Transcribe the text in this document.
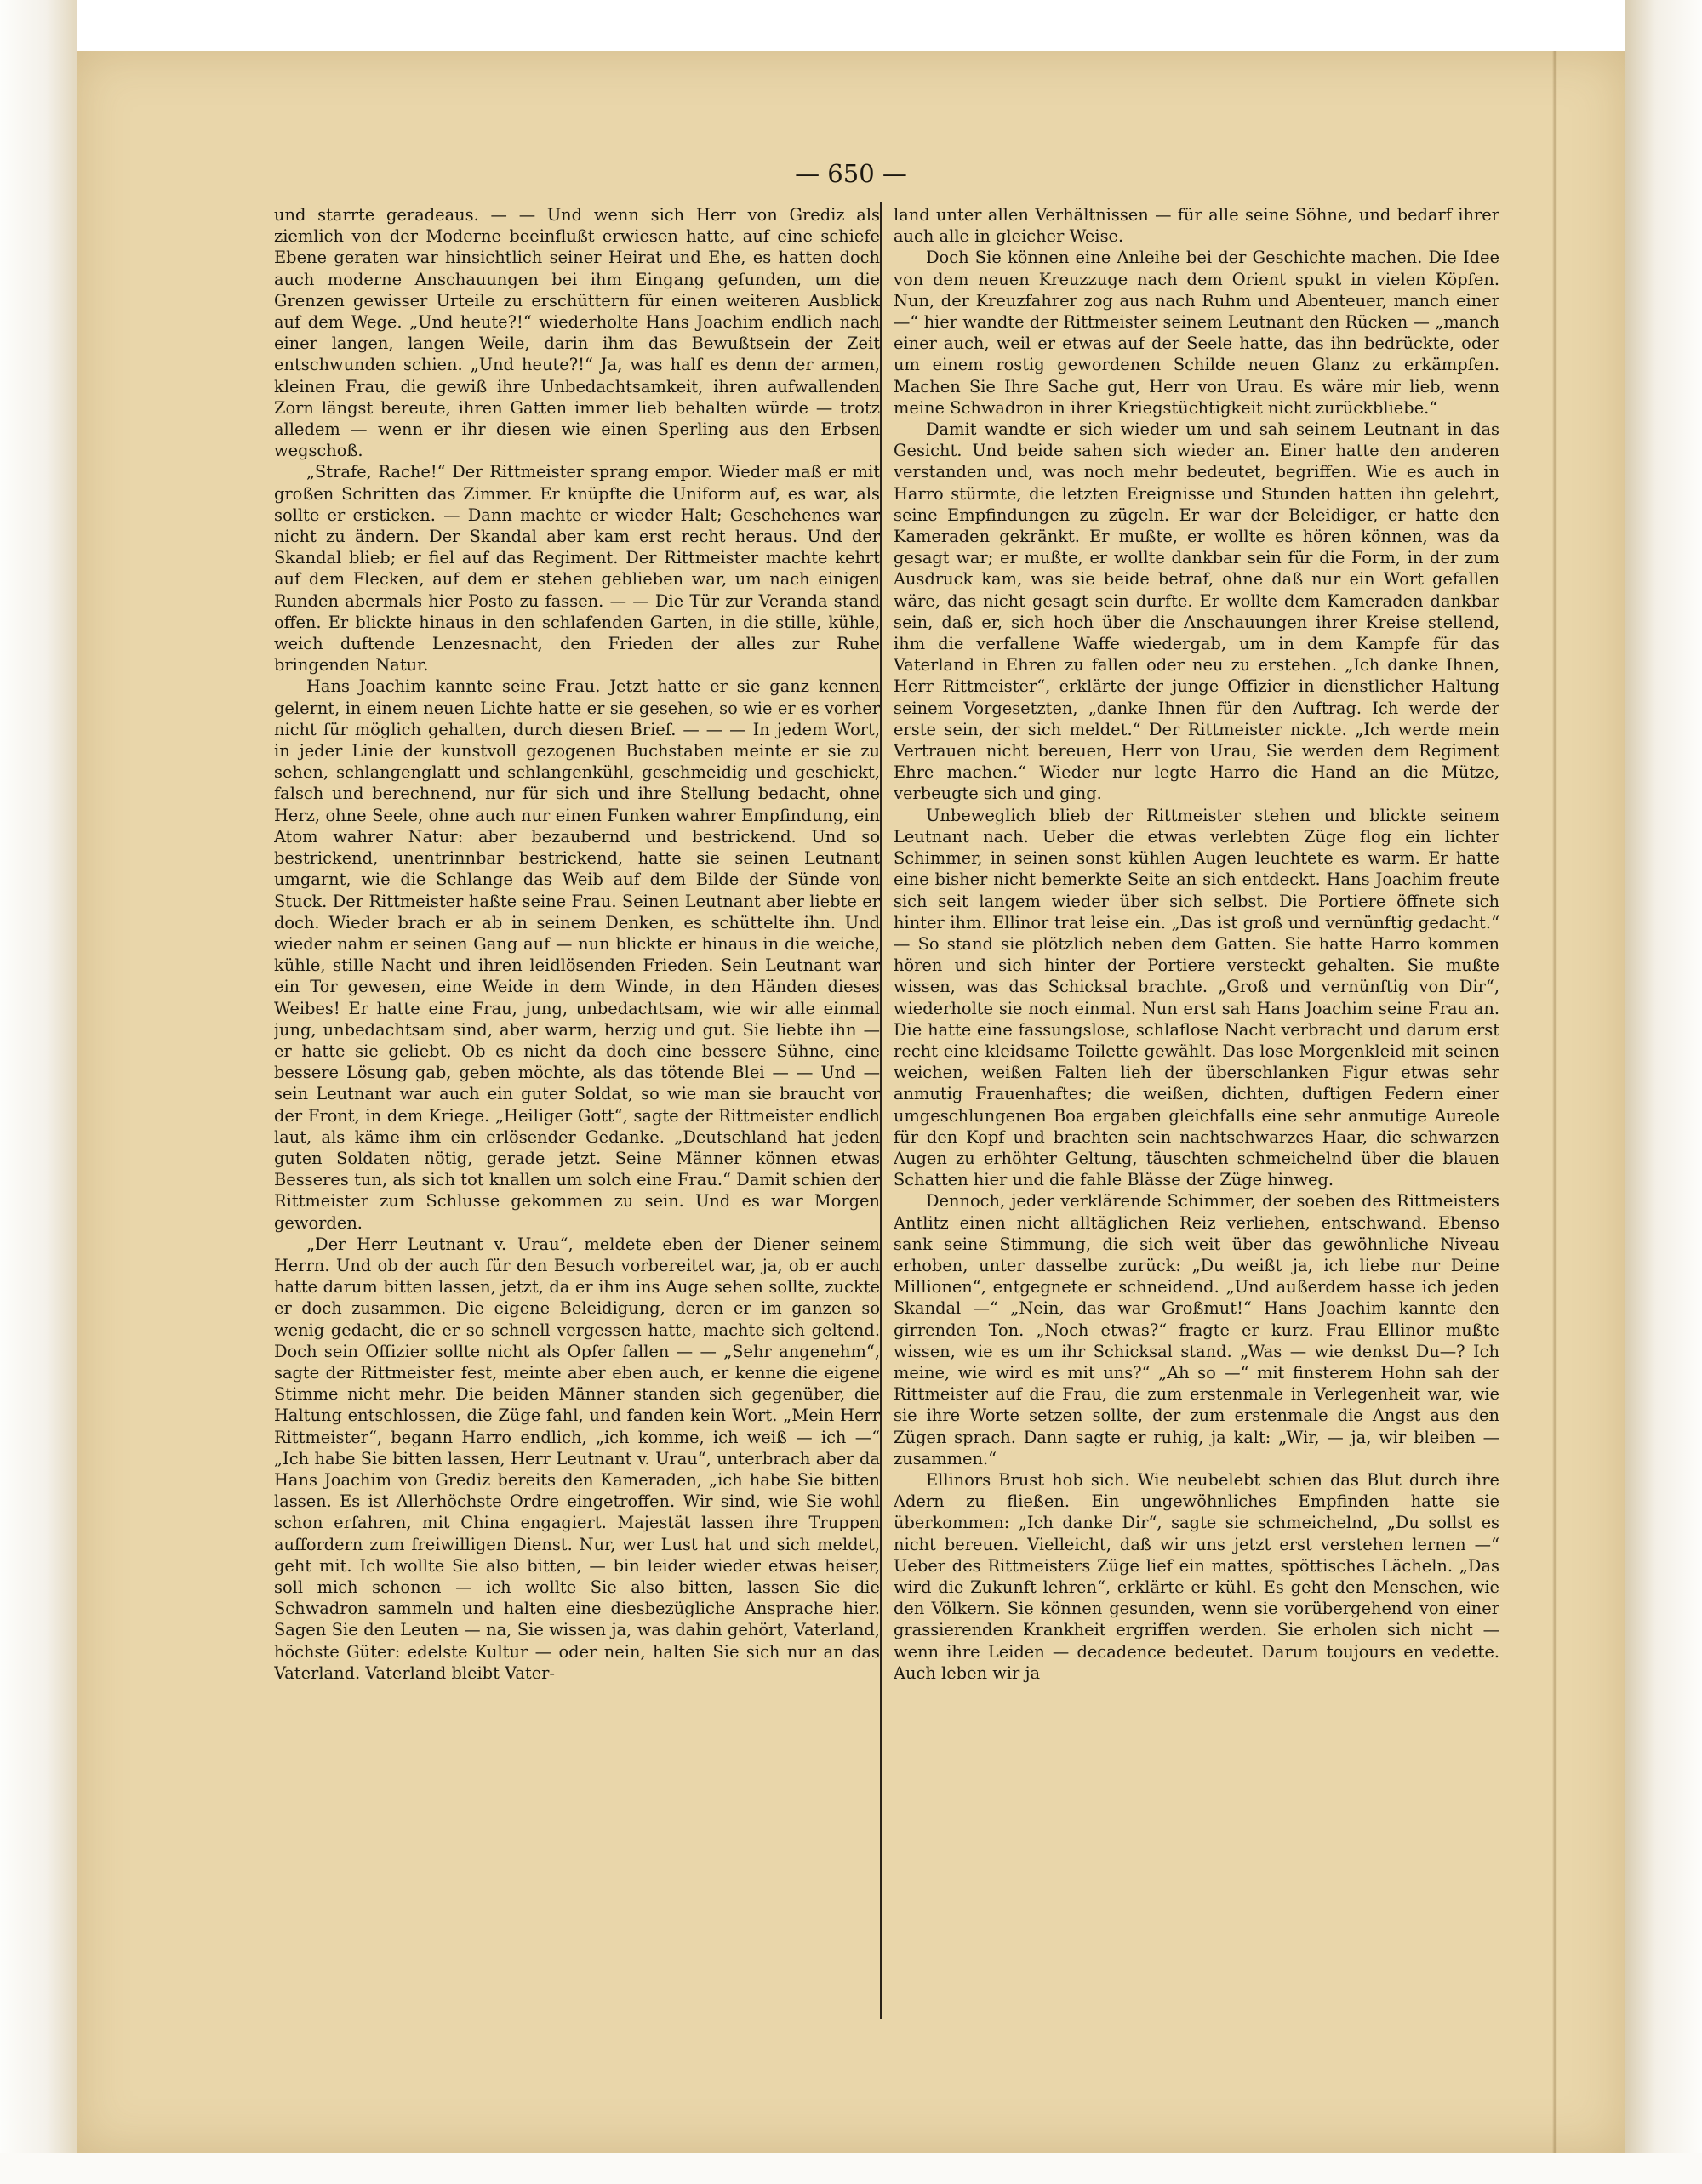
— 650 —

und starrte geradeaus. — — Und wenn sich Herr von Grediz als ziemlich von der Moderne beeinflußt erwiesen hatte, auf eine schiefe Ebene geraten war hinsichtlich seiner Heirat und Ehe, es hatten doch auch moderne Anschauungen bei ihm Eingang gefunden, um die Grenzen gewisser Urteile zu erschüttern für einen weiteren Ausblick auf dem Wege. „Und heute?!“ wiederholte Hans Joachim endlich nach einer langen, langen Weile, darin ihm das Bewußtsein der Zeit entschwunden schien. „Und heute?!“ Ja, was half es denn der armen, kleinen Frau, die gewiß ihre Unbedachtsamkeit, ihren aufwallenden Zorn längst bereute, ihren Gatten immer lieb behalten würde — trotz alledem — wenn er ihr diesen wie einen Sperling aus den Erbsen wegschoß.

„Strafe, Rache!“ Der Rittmeister sprang empor. Wieder maß er mit großen Schritten das Zimmer. Er knüpfte die Uniform auf, es war, als sollte er ersticken. — Dann machte er wieder Halt; Geschehenes war nicht zu ändern. Der Skandal aber kam erst recht heraus. Und der Skandal blieb; er fiel auf das Regiment. Der Rittmeister machte kehrt auf dem Flecken, auf dem er stehen geblieben war, um nach einigen Runden abermals hier Posto zu fassen. — — Die Tür zur Veranda stand offen. Er blickte hinaus in den schlafenden Garten, in die stille, kühle, weich duftende Lenzesnacht, den Frieden der alles zur Ruhe bringenden Natur.

Hans Joachim kannte seine Frau. Jetzt hatte er sie ganz kennen gelernt, in einem neuen Lichte hatte er sie gesehen, so wie er es vorher nicht für möglich gehalten, durch diesen Brief. — — — In jedem Wort, in jeder Linie der kunstvoll gezogenen Buchstaben meinte er sie zu sehen, schlangenglatt und schlangenkühl, geschmeidig und geschickt, falsch und berechnend, nur für sich und ihre Stellung bedacht, ohne Herz, ohne Seele, ohne auch nur einen Funken wahrer Empfindung, ein Atom wahrer Natur: aber bezaubernd und bestrickend. Und so bestrickend, unentrinnbar bestrickend, hatte sie seinen Leutnant umgarnt, wie die Schlange das Weib auf dem Bilde der Sünde von Stuck. Der Rittmeister haßte seine Frau. Seinen Leutnant aber liebte er doch. Wieder brach er ab in seinem Denken, es schüttelte ihn. Und wieder nahm er seinen Gang auf — nun blickte er hinaus in die weiche, kühle, stille Nacht und ihren leidlösenden Frieden. Sein Leutnant war ein Tor gewesen, eine Weide in dem Winde, in den Händen dieses Weibes! Er hatte eine Frau, jung, unbedachtsam, wie wir alle einmal jung, unbedachtsam sind, aber warm, herzig und gut. Sie liebte ihn — er hatte sie geliebt. Ob es nicht da doch eine bessere Sühne, eine bessere Lösung gab, geben möchte, als das tötende Blei — — Und — sein Leutnant war auch ein guter Soldat, so wie man sie braucht vor der Front, in dem Kriege. „Heiliger Gott“, sagte der Rittmeister endlich laut, als käme ihm ein erlösender Gedanke. „Deutschland hat jeden guten Soldaten nötig, gerade jetzt. Seine Männer können etwas Besseres tun, als sich tot knallen um solch eine Frau.“ Damit schien der Rittmeister zum Schlusse gekommen zu sein. Und es war Morgen geworden.

„Der Herr Leutnant v. Urau“, meldete eben der Diener seinem Herrn. Und ob der auch für den Besuch vorbereitet war, ja, ob er auch hatte darum bitten lassen, jetzt, da er ihm ins Auge sehen sollte, zuckte er doch zusammen. Die eigene Beleidigung, deren er im ganzen so wenig gedacht, die er so schnell vergessen hatte, machte sich geltend. Doch sein Offizier sollte nicht als Opfer fallen — — „Sehr angenehm“, sagte der Rittmeister fest, meinte aber eben auch, er kenne die eigene Stimme nicht mehr. Die beiden Männer standen sich gegenüber, die Haltung entschlossen, die Züge fahl, und fanden kein Wort. „Mein Herr Rittmeister“, begann Harro endlich, „ich komme, ich weiß — ich —“ „Ich habe Sie bitten lassen, Herr Leutnant v. Urau“, unterbrach aber da Hans Joachim von Grediz bereits den Kameraden, „ich habe Sie bitten lassen. Es ist Allerhöchste Ordre eingetroffen. Wir sind, wie Sie wohl schon erfahren, mit China engagiert. Majestät lassen ihre Truppen auffordern zum freiwilligen Dienst. Nur, wer Lust hat und sich meldet, geht mit. Ich wollte Sie also bitten, — bin leider wieder etwas heiser, soll mich schonen — ich wollte Sie also bitten, lassen Sie die Schwadron sammeln und halten eine diesbezügliche Ansprache hier. Sagen Sie den Leuten — na, Sie wissen ja, was dahin gehört, Vaterland, höchste Güter: edelste Kultur — oder nein, halten Sie sich nur an das Vaterland. Vaterland bleibt Vater-

land unter allen Verhältnissen — für alle seine Söhne, und bedarf ihrer auch alle in gleicher Weise.

Doch Sie können eine Anleihe bei der Geschichte machen. Die Idee von dem neuen Kreuzzuge nach dem Orient spukt in vielen Köpfen. Nun, der Kreuzfahrer zog aus nach Ruhm und Abenteuer, manch einer —“ hier wandte der Rittmeister seinem Leutnant den Rücken — „manch einer auch, weil er etwas auf der Seele hatte, das ihn bedrückte, oder um einem rostig gewordenen Schilde neuen Glanz zu erkämpfen. Machen Sie Ihre Sache gut, Herr von Urau. Es wäre mir lieb, wenn meine Schwadron in ihrer Kriegstüchtigkeit nicht zurückbliebe.“

Damit wandte er sich wieder um und sah seinem Leutnant in das Gesicht. Und beide sahen sich wieder an. Einer hatte den anderen verstanden und, was noch mehr bedeutet, begriffen. Wie es auch in Harro stürmte, die letzten Ereignisse und Stunden hatten ihn gelehrt, seine Empfindungen zu zügeln. Er war der Beleidiger, er hatte den Kameraden gekränkt. Er mußte, er wollte es hören können, was da gesagt war; er mußte, er wollte dankbar sein für die Form, in der zum Ausdruck kam, was sie beide betraf, ohne daß nur ein Wort gefallen wäre, das nicht gesagt sein durfte. Er wollte dem Kameraden dankbar sein, daß er, sich hoch über die Anschauungen ihrer Kreise stellend, ihm die verfallene Waffe wiedergab, um in dem Kampfe für das Vaterland in Ehren zu fallen oder neu zu erstehen. „Ich danke Ihnen, Herr Rittmeister“, erklärte der junge Offizier in dienstlicher Haltung seinem Vorgesetzten, „danke Ihnen für den Auftrag. Ich werde der erste sein, der sich meldet.“ Der Rittmeister nickte. „Ich werde mein Vertrauen nicht bereuen, Herr von Urau, Sie werden dem Regiment Ehre machen.“ Wieder nur legte Harro die Hand an die Mütze, verbeugte sich und ging.

Unbeweglich blieb der Rittmeister stehen und blickte seinem Leutnant nach. Ueber die etwas verlebten Züge flog ein lichter Schimmer, in seinen sonst kühlen Augen leuchtete es warm. Er hatte eine bisher nicht bemerkte Seite an sich entdeckt. Hans Joachim freute sich seit langem wieder über sich selbst. Die Portiere öffnete sich hinter ihm. Ellinor trat leise ein. „Das ist groß und vernünftig gedacht.“ — So stand sie plötzlich neben dem Gatten. Sie hatte Harro kommen hören und sich hinter der Portiere versteckt gehalten. Sie mußte wissen, was das Schicksal brachte. „Groß und vernünftig von Dir“, wiederholte sie noch einmal. Nun erst sah Hans Joachim seine Frau an. Die hatte eine fassungslose, schlaflose Nacht verbracht und darum erst recht eine kleidsame Toilette gewählt. Das lose Morgenkleid mit seinen weichen, weißen Falten lieh der überschlanken Figur etwas sehr anmutig Frauenhaftes; die weißen, dichten, duftigen Federn einer umgeschlungenen Boa ergaben gleichfalls eine sehr anmutige Aureole für den Kopf und brachten sein nachtschwarzes Haar, die schwarzen Augen zu erhöhter Geltung, täuschten schmeichelnd über die blauen Schatten hier und die fahle Blässe der Züge hinweg.

Dennoch, jeder verklärende Schimmer, der soeben des Rittmeisters Antlitz einen nicht alltäglichen Reiz verliehen, entschwand. Ebenso sank seine Stimmung, die sich weit über das gewöhnliche Niveau erhoben, unter dasselbe zurück: „Du weißt ja, ich liebe nur Deine Millionen“, entgegnete er schneidend. „Und außerdem hasse ich jeden Skandal —“ „Nein, das war Großmut!“ Hans Joachim kannte den girrenden Ton. „Noch etwas?“ fragte er kurz. Frau Ellinor mußte wissen, wie es um ihr Schicksal stand. „Was — wie denkst Du—? Ich meine, wie wird es mit uns?“ „Ah so —“ mit finsterem Hohn sah der Rittmeister auf die Frau, die zum erstenmale in Verlegenheit war, wie sie ihre Worte setzen sollte, der zum erstenmale die Angst aus den Zügen sprach. Dann sagte er ruhig, ja kalt: „Wir, — ja, wir bleiben — zusammen.“

Ellinors Brust hob sich. Wie neubelebt schien das Blut durch ihre Adern zu fließen. Ein ungewöhnliches Empfinden hatte sie überkommen: „Ich danke Dir“, sagte sie schmeichelnd, „Du sollst es nicht bereuen. Vielleicht, daß wir uns jetzt erst verstehen lernen —“ Ueber des Rittmeisters Züge lief ein mattes, spöttisches Lächeln. „Das wird die Zukunft lehren“, erklärte er kühl. Es geht den Menschen, wie den Völkern. Sie können gesunden, wenn sie vorübergehend von einer grassierenden Krankheit ergriffen werden. Sie erholen sich nicht — wenn ihre Leiden — decadence bedeutet. Darum toujours en vedette. Auch leben wir ja
